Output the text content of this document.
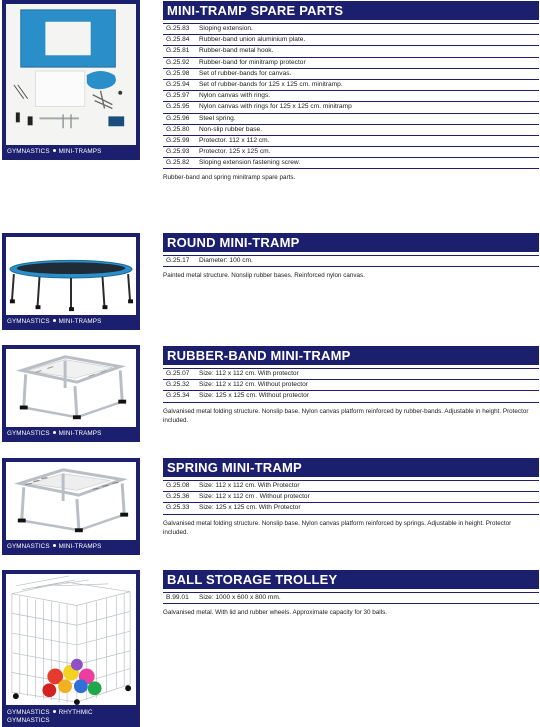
GYMNASTICS MINI-TRAMPS
MINI-TRAMP SPARE PARTS
G.25.83 Sloping extension.
G.25.84 Rubber-band union aluminium plate.
G.25.81 Rubber-band metal hook.
G.25.92 Rubber-band for minitramp protector
G.25.98 Set of rubber-bands for canvas.
G.25.94 Set of rubber-bands for 125 x 125 cm. minitramp.
G.25.97 Nylon canvas with rings.
G.25.95 Nylon canvas with rings for 125 x 125 cm. minitramp
G.25.96 Steel spring.
G.25.80 Non-slip rubber base.
G.25.99 Protector. 112 x 112 cm.
G.25.93 Protector. 125 x 125 cm.
G.25.82 Sloping extension fastening screw.
Rubber-band and spring minitramp spare parts.
GYMNASTICS MINI-TRAMPS
ROUND MINI-TRAMP
G.25.17 Diameter: 100 cm.
Painted metal structure. Nonslip rubber bases. Reinforced nylon canvas.
GYMNASTICS MINI-TRAMPS
RUBBER-BAND MINI-TRAMP
G.25.07 Size: 112 x 112 cm. With protector
G.25.32 Size: 112 x 112 cm. Without protector
G.25.34 Size: 125 x 125 cm. Without protector
Galvanised metal folding structure. Nonslip base. Nylon canvas platform reinforced by rubber-bands. Adjustable in height. Protector included.
GYMNASTICS MINI-TRAMPS
SPRING MINI-TRAMP
G.25.08 Size: 112 x 112 cm. With Protector
G.25.36 Size: 112 x 112 cm . Without protector
G.25.33 Size: 125 x 125 cm. With Protector
Galvanised metal folding structure. Nonslip base. Nylon canvas platform reinforced by springs. Adjustable in height. Protector included.
GYMNASTICS RHYTHMIC
GYMNASTICS
BALL STORAGE TROLLEY
B.99.01 Size: 1000 x 600 x 800 mm.
Galvanised metal. With lid and rubber wheels. Approximate capacity for 30 balls.
